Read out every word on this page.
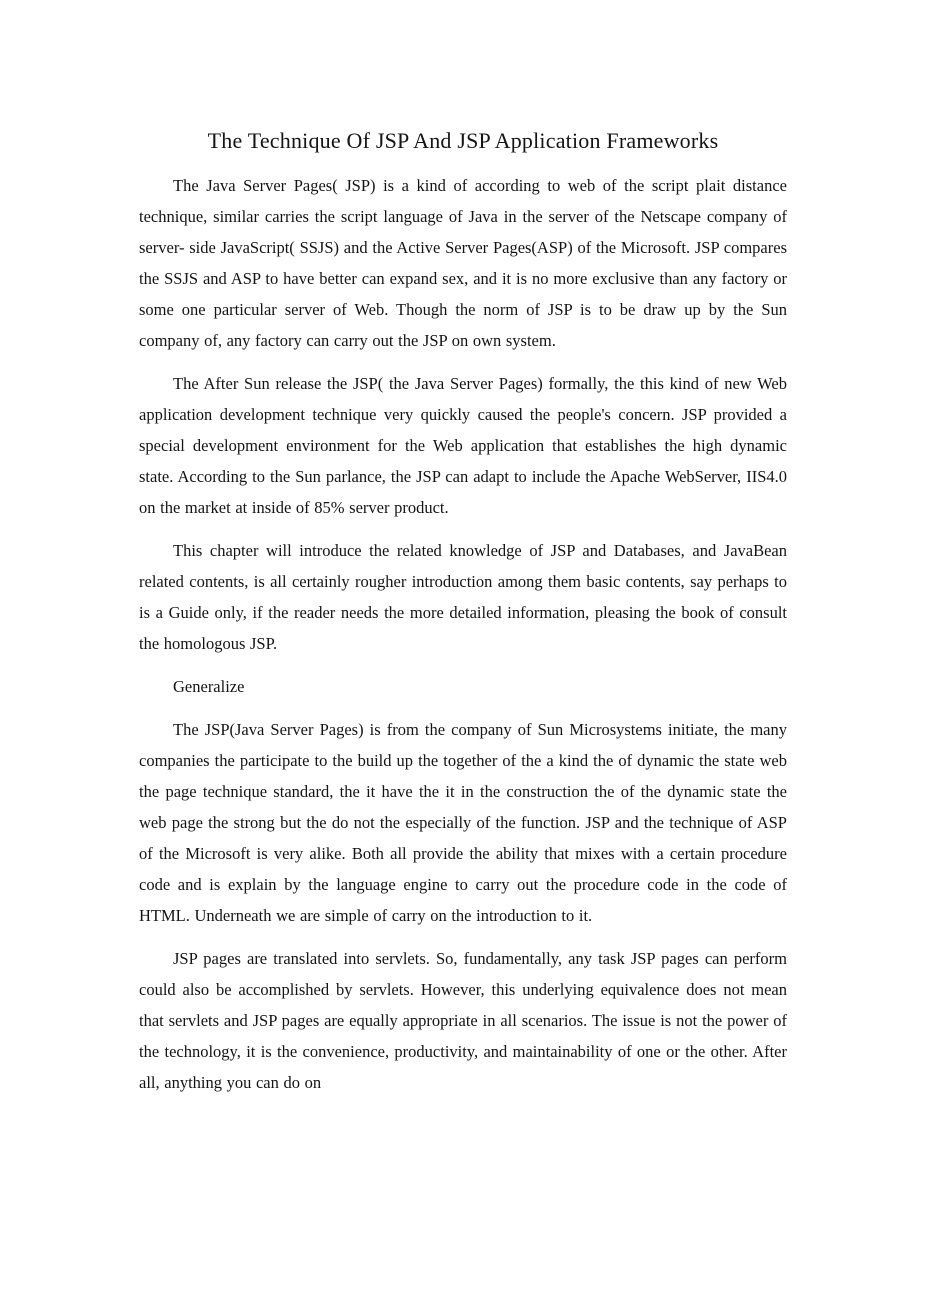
The Technique Of JSP And JSP Application Frameworks

The Java Server Pages( JSP) is a kind of according to web of the script plait distance technique, similar carries the script language of Java in the server of the Netscape company of server- side JavaScript( SSJS) and the Active Server Pages(ASP) of the Microsoft. JSP compares the SSJS and ASP to have better can expand sex, and it is no more exclusive than any factory or some one particular server of Web. Though the norm of JSP is to be draw up by the Sun company of, any factory can carry out the JSP on own system.

The After Sun release the JSP( the Java Server Pages) formally, the this kind of new Web application development technique very quickly caused the people's concern. JSP provided a special development environment for the Web application that establishes the high dynamic state. According to the Sun parlance, the JSP can adapt to include the Apache WebServer, IIS4.0 on the market at inside of 85% server product.

This chapter will introduce the related knowledge of JSP and Databases, and JavaBean related contents, is all certainly rougher introduction among them basic contents, say perhaps to is a Guide only, if the reader needs the more detailed information, pleasing the book of consult the homologous JSP.

Generalize

The JSP(Java Server Pages) is from the company of Sun Microsystems initiate, the many companies the participate to the build up the together of the a kind the of dynamic the state web the page technique standard, the it have the it in the construction the of the dynamic state the web page the strong but the do not the especially of the function. JSP and the technique of ASP of the Microsoft is very alike. Both all provide the ability that mixes with a certain procedure code and is explain by the language engine to carry out the procedure code in the code of HTML. Underneath we are simple of carry on the introduction to it.

JSP pages are translated into servlets. So, fundamentally, any task JSP pages can perform could also be accomplished by servlets. However, this underlying equivalence does not mean that servlets and JSP pages are equally appropriate in all scenarios. The issue is not the power of the technology, it is the convenience, productivity, and maintainability of one or the other. After all, anything you can do on
